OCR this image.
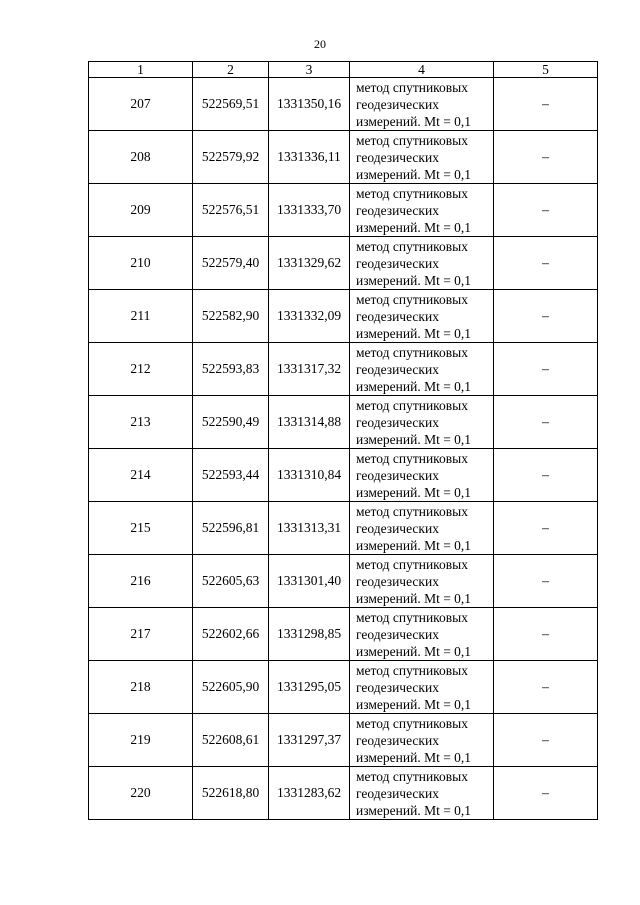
20
1	2	3	4	5
207	522569,51	1331350,16	метод спутниковых
геодезических
измерений. Mt = 0,1	–
208	522579,92	1331336,11	метод спутниковых
геодезических
измерений. Mt = 0,1	–
209	522576,51	1331333,70	метод спутниковых
геодезических
измерений. Mt = 0,1	–
210	522579,40	1331329,62	метод спутниковых
геодезических
измерений. Mt = 0,1	–
211	522582,90	1331332,09	метод спутниковых
геодезических
измерений. Mt = 0,1	–
212	522593,83	1331317,32	метод спутниковых
геодезических
измерений. Mt = 0,1	–
213	522590,49	1331314,88	метод спутниковых
геодезических
измерений. Mt = 0,1	–
214	522593,44	1331310,84	метод спутниковых
геодезических
измерений. Mt = 0,1	–
215	522596,81	1331313,31	метод спутниковых
геодезических
измерений. Mt = 0,1	–
216	522605,63	1331301,40	метод спутниковых
геодезических
измерений. Mt = 0,1	–
217	522602,66	1331298,85	метод спутниковых
геодезических
измерений. Mt = 0,1	–
218	522605,90	1331295,05	метод спутниковых
геодезических
измерений. Mt = 0,1	–
219	522608,61	1331297,37	метод спутниковых
геодезических
измерений. Mt = 0,1	–
220	522618,80	1331283,62	метод спутниковых
геодезических
измерений. Mt = 0,1	–
